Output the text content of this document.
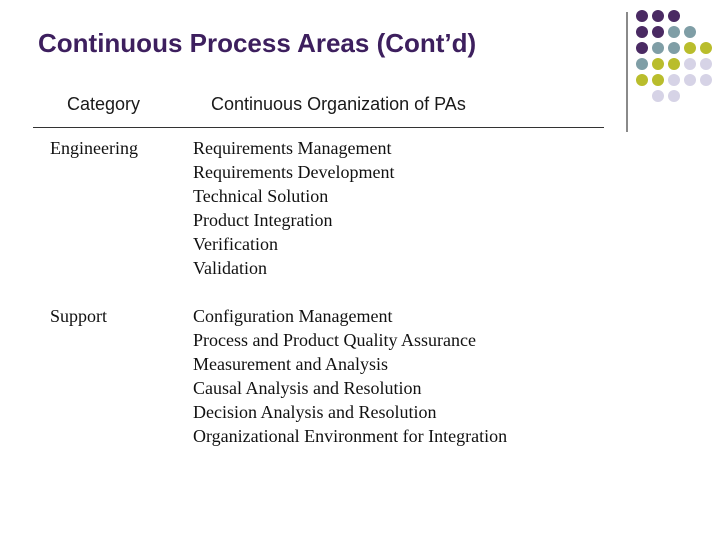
Continuous Process Areas (Cont’d)
Category	Continuous Organization of PAs
Engineering	Requirements Management
Requirements Development
Technical Solution
Product Integration
Verification
Validation
Support	Configuration Management
Process and Product Quality Assurance
Measurement and Analysis
Causal Analysis and Resolution
Decision Analysis and Resolution
Organizational Environment for Integration
